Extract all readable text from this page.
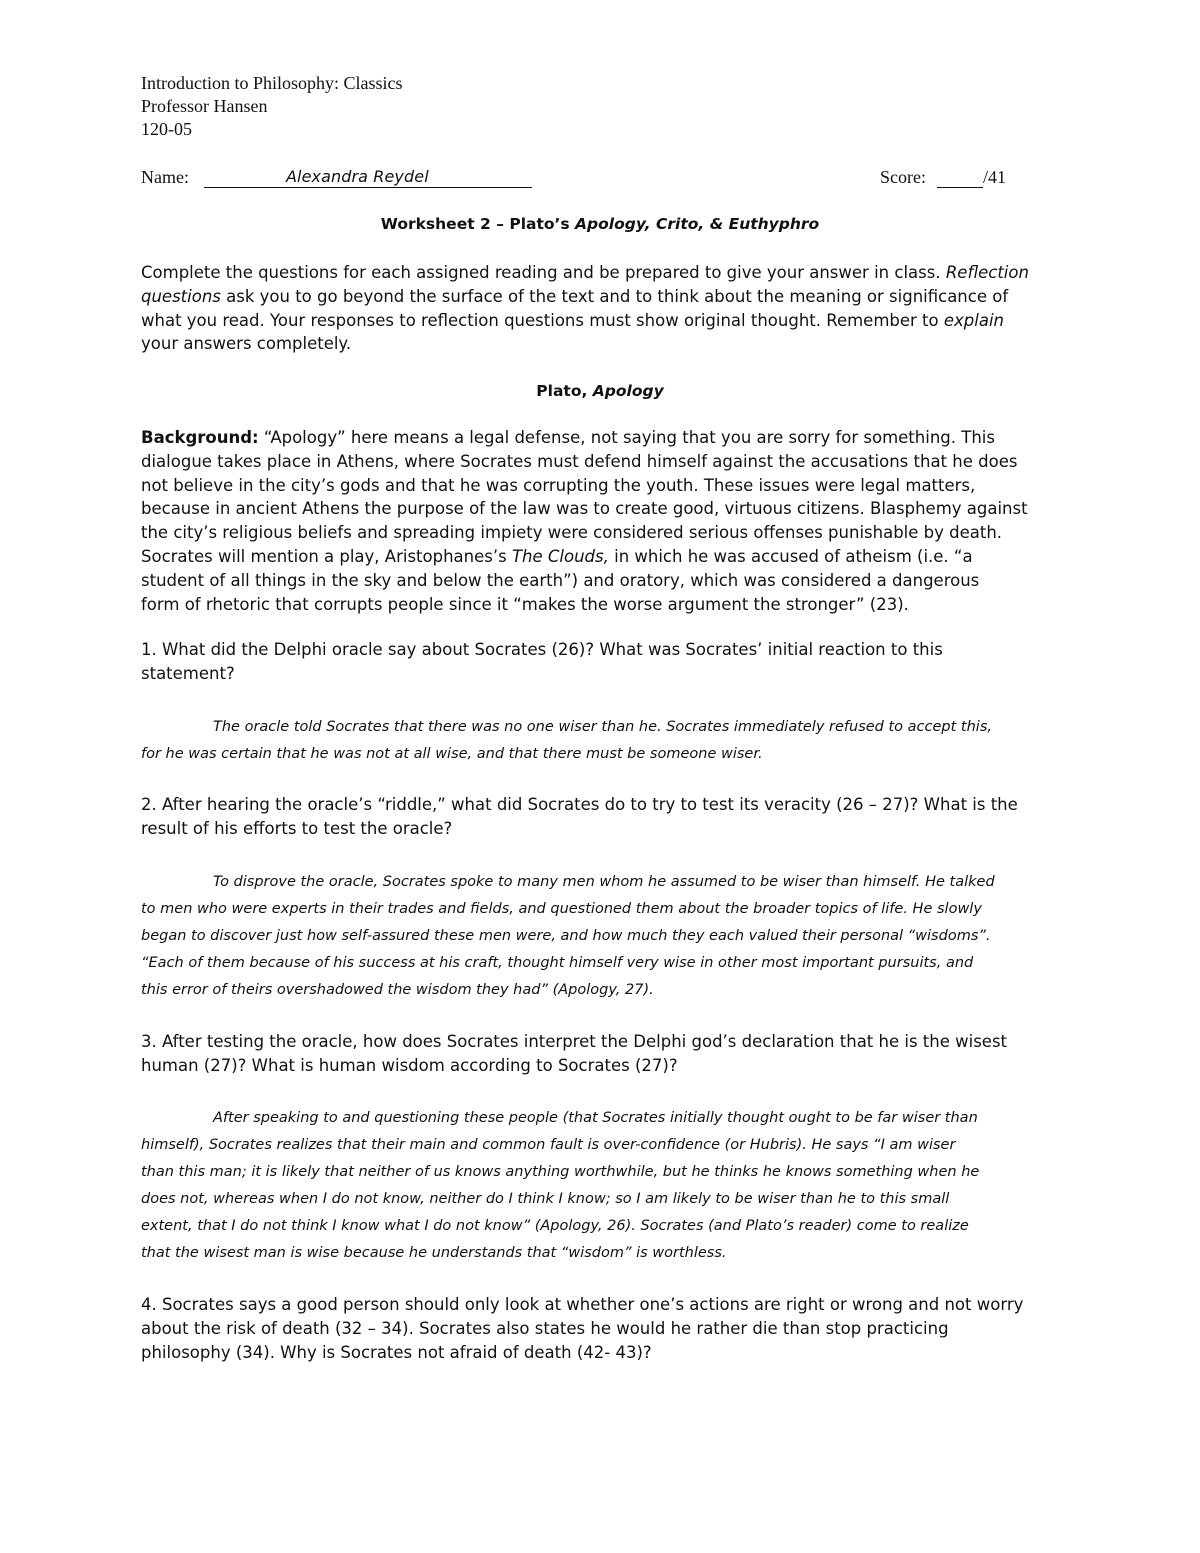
Introduction to Philosophy: Classics
Professor Hansen
120-05
Name:	Alexandra Reydel	Score:	/41
Worksheet 2 – Plato’s Apology, Crito, & Euthyphro
Complete the questions for each assigned reading and be prepared to give your answer in class. Reflection
questions ask you to go beyond the surface of the text and to think about the meaning or significance of
what you read. Your responses to reflection questions must show original thought. Remember to explain
your answers completely.
Plato, Apology
Background: “Apology” here means a legal defense, not saying that you are sorry for something. This
dialogue takes place in Athens, where Socrates must defend himself against the accusations that he does
not believe in the city’s gods and that he was corrupting the youth. These issues were legal matters,
because in ancient Athens the purpose of the law was to create good, virtuous citizens. Blasphemy against
the city’s religious beliefs and spreading impiety were considered serious offenses punishable by death.
Socrates will mention a play, Aristophanes’s The Clouds, in which he was accused of atheism (i.e. “a
student of all things in the sky and below the earth”) and oratory, which was considered a dangerous
form of rhetoric that corrupts people since it “makes the worse argument the stronger” (23).
1. What did the Delphi oracle say about Socrates (26)? What was Socrates’ initial reaction to this
statement?
The oracle told Socrates that there was no one wiser than he. Socrates immediately refused to accept this,
for he was certain that he was not at all wise, and that there must be someone wiser.
2. After hearing the oracle’s “riddle,” what did Socrates do to try to test its veracity (26 – 27)? What is the
result of his efforts to test the oracle?
To disprove the oracle, Socrates spoke to many men whom he assumed to be wiser than himself. He talked
to men who were experts in their trades and fields, and questioned them about the broader topics of life. He slowly
began to discover just how self-assured these men were, and how much they each valued their personal “wisdoms”.
“Each of them because of his success at his craft, thought himself very wise in other most important pursuits, and
this error of theirs overshadowed the wisdom they had” (Apology, 27).
3. After testing the oracle, how does Socrates interpret the Delphi god’s declaration that he is the wisest
human (27)? What is human wisdom according to Socrates (27)?
After speaking to and questioning these people (that Socrates initially thought ought to be far wiser than
himself), Socrates realizes that their main and common fault is over-confidence (or Hubris). He says “I am wiser
than this man; it is likely that neither of us knows anything worthwhile, but he thinks he knows something when he
does not, whereas when I do not know, neither do I think I know; so I am likely to be wiser than he to this small
extent, that I do not think I know what I do not know” (Apology, 26). Socrates (and Plato’s reader) come to realize
that the wisest man is wise because he understands that “wisdom” is worthless.
4. Socrates says a good person should only look at whether one’s actions are right or wrong and not worry
about the risk of death (32 – 34). Socrates also states he would he rather die than stop practicing
philosophy (34). Why is Socrates not afraid of death (42- 43)?
